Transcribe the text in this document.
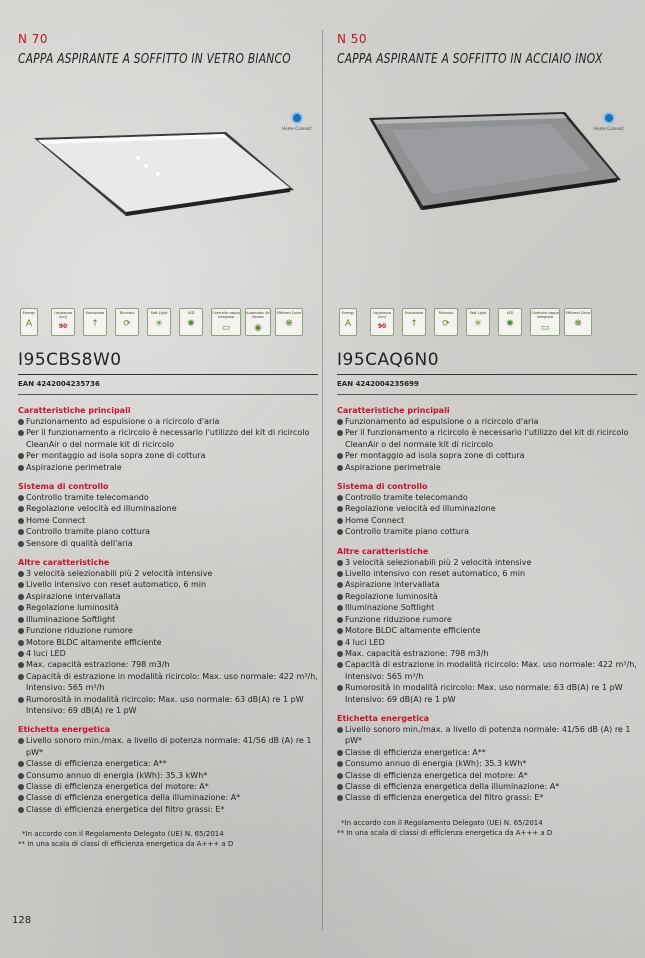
N 70
CAPPA ASPIRANTE A SOFFITTO IN VETRO BIANCO
Home Connect
Energy
A
Larghezza (cm)
90
Estrazione
↑
Ricircolo
⟳
Soft Light
✳
LED
✺
Controllo cappa integrato
▭
Automatic Air Sensor
◉
Efficient Drive
❋
I95CBS8W0
EAN 4242004235736
Caratteristiche principali
Funzionamento ad espulsione o a ricircolo d'aria
Per il funzionamento a ricircolo è necessario l'utilizzo del kit di ricircolo CleanAir o del normale kit di ricircolo
Per montaggio ad isola sopra zone di cottura
Aspirazione perimetrale
Sistema di controllo
Controllo tramite telecomando
Regolazione velocità ed illuminazione
Home Connect
Controllo tramite piano cottura
Sensore di qualità dell'aria
Altre caratteristiche
3 velocità selezionabili più 2 velocità intensive
Livello intensivo con reset automatico, 6 min
Aspirazione intervallata
Regolazione luminosità
Illuminazione Softlight
Funzione riduzione rumore
Motore BLDC altamente efficiente
4 luci LED
Max. capacità estrazione: 798 m3/h
Capacità di estrazione in modalità ricircolo: Max. uso normale: 422 m³/h, Intensivo: 565 m³/h
Rumorosità in modalità ricircolo: Max. uso normale: 63 dB(A) re 1 pW Intensivo: 69 dB(A) re 1 pW
Etichetta energetica
Livello sonoro min./max. a livello di potenza normale: 41/56 dB (A) re 1 pW*
Classe di efficienza energetica: A**
Consumo annuo di energia (kWh): 35.3 kWh*
Classe di efficienza energetica del motore: A*
Classe di efficienza energetica della illuminazione: A*
Classe di efficienza energetica del filtro grassi: E*
*In accordo con il Regolamento Delegato (UE) N. 65/2014
** In una scala di classi di efficienza energetica da A+++ a D
N 50
CAPPA ASPIRANTE A SOFFITTO IN ACCIAIO INOX
Home Connect
Energy
A
Larghezza (cm)
90
Estrazione
↑
Ricircolo
⟳
Soft Light
✳
LED
✺
Controllo cappa integrato
▭
Efficient Drive
❋
I95CAQ6N0
EAN 4242004235699
Caratteristiche principali
Funzionamento ad espulsione o a ricircolo d'aria
Per il funzionamento a ricircolo è necessario l'utilizzo del kit di ricircolo CleanAir o del normale kit di ricircolo
Per montaggio ad isola sopra zone di cottura
Aspirazione perimetrale
Sistema di controllo
Controllo tramite telecomando
Regolazione velocità ed illuminazione
Home Connect
Controllo tramite piano cottura
Altre caratteristiche
3 velocità selezionabili più 2 velocità intensive
Livello intensivo con reset automatico, 6 min
Aspirazione intervallata
Regolazione luminosità
Illuminazione Softlight
Funzione riduzione rumore
Motore BLDC altamente efficiente
4 luci LED
Max. capacità estrazione: 798 m3/h
Capacità di estrazione in modalità ricircolo: Max. uso normale: 422 m³/h, Intensivo: 565 m³/h
Rumorosità in modalità ricircolo: Max. uso normale: 63 dB(A) re 1 pW Intensivo: 69 dB(A) re 1 pW
Etichetta energetica
Livello sonoro min./max. a livello di potenza normale: 41/56 dB (A) re 1 pW*
Classe di efficienza energetica: A**
Consumo annuo di energia (kWh): 35.3 kWh*
Classe di efficienza energetica del motore: A*
Classe di efficienza energetica della illuminazione: A*
Classe di efficienza energetica del filtro grassi: E*
*In accordo con il Regolamento Delegato (UE) N. 65/2014
** In una scala di classi di efficienza energetica da A+++ a D
128
